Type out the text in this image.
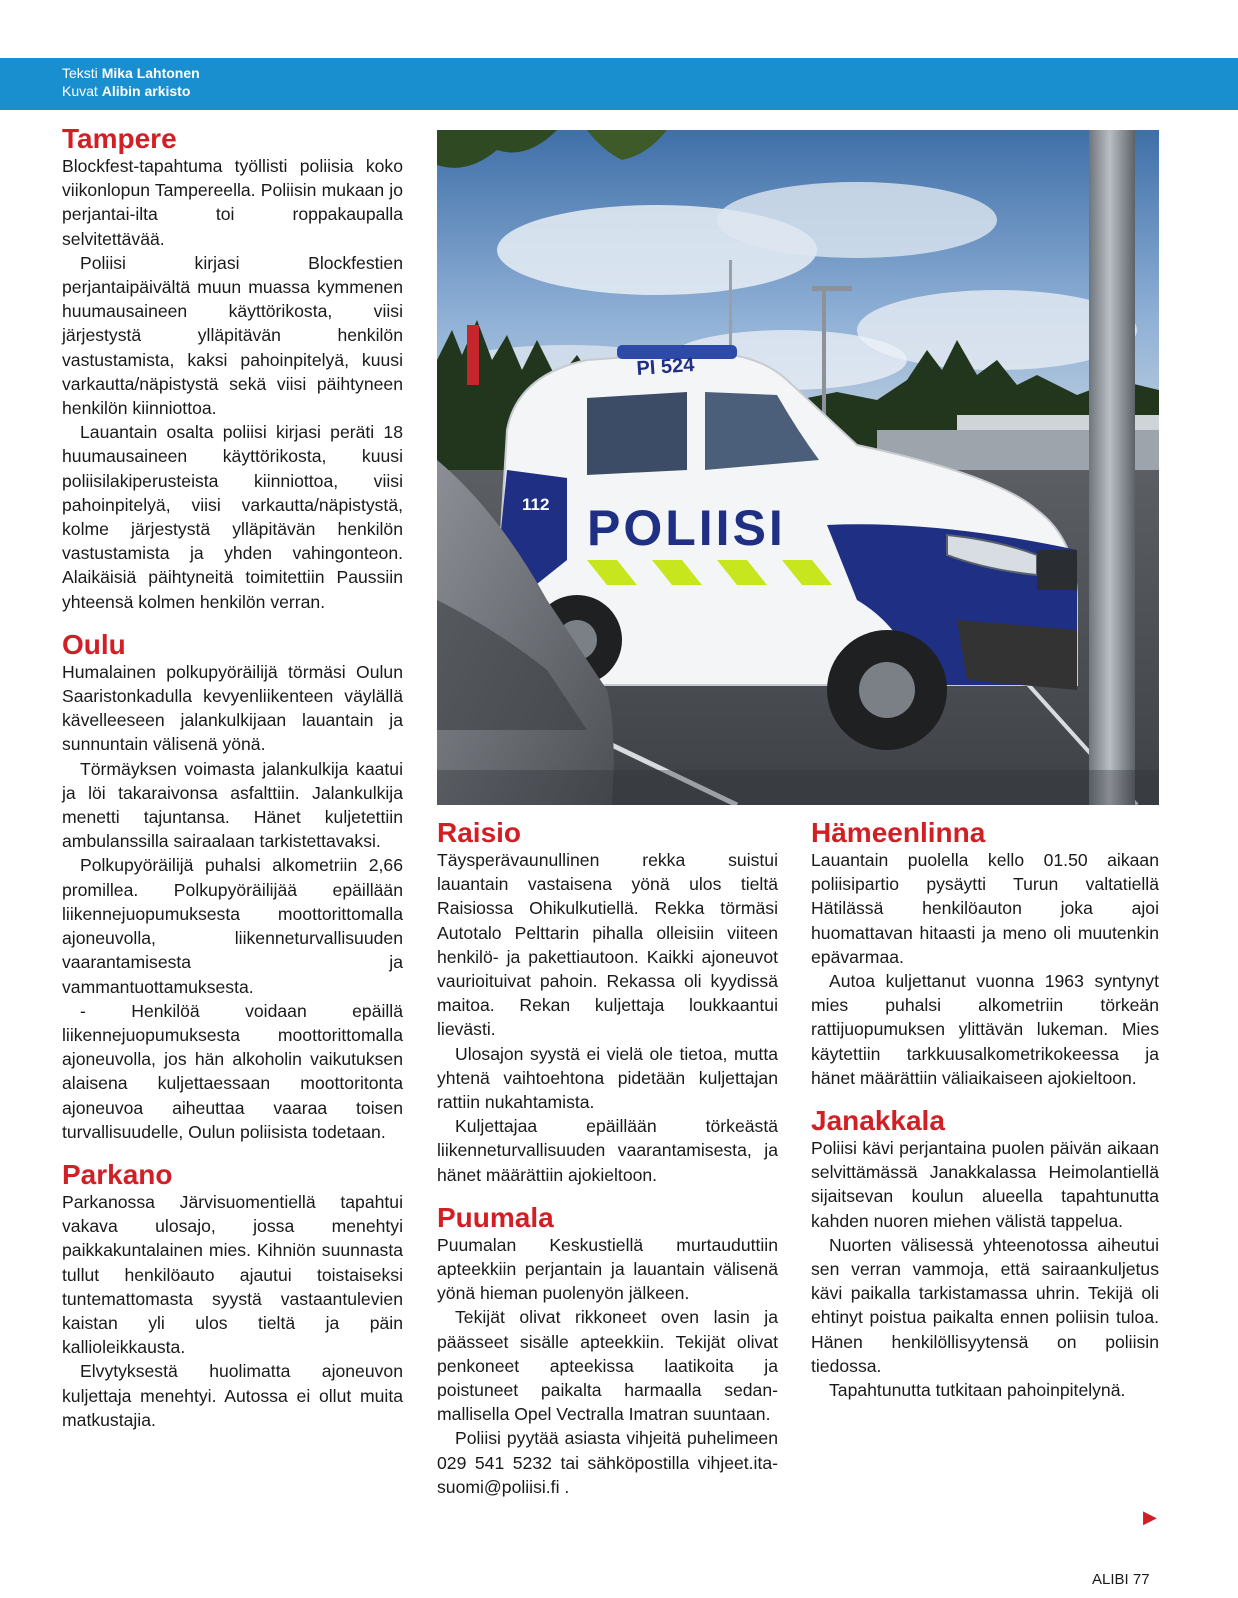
Teksti Mika Lahtonen
Kuvat Alibin arkisto
Tampere

Blockfest-tapahtuma työllisti poliisia koko viikonlopun Tampereella. Poliisin mukaan jo perjantai-ilta toi roppakaupalla selvitettävää.

Poliisi kirjasi Blockfestien perjantaipäivältä muun muassa kymmenen huumausaineen käyttörikosta, viisi järjestystä ylläpitävän henkilön vastustamista, kaksi pahoinpitelyä, kuusi varkautta/näpistystä sekä viisi päihtyneen henkilön kiinniottoa.

Lauantain osalta poliisi kirjasi peräti 18 huumausaineen käyttörikosta, kuusi poliisilakiperusteista kiinniottoa, viisi pahoinpitelyä, viisi varkautta/näpistystä, kolme järjestystä ylläpitävän henkilön vastustamista ja yhden vahingonteon. Alaikäisiä päihtyneitä toimitettiin Paussiin yhteensä kolmen henkilön verran.

Oulu

Humalainen polkupyöräilijä törmäsi Oulun Saaristonkadulla kevyenliikenteen väylällä kävelleeseen jalankulkijaan lauantain ja sunnuntain välisenä yönä.

Törmäyksen voimasta jalankulkija kaatui ja löi takaraivonsa asfalttiin. Jalankulkija menetti tajuntansa. Hänet kuljetettiin ambulanssilla sairaalaan tarkistettavaksi.

Polkupyöräilijä puhalsi alkometriin 2,66 promillea. Polkupyöräilijää epäillään liikennejuopumuksesta moottorittomalla ajoneuvolla, liikenneturvallisuuden vaarantamisesta ja vammantuottamuksesta.

- Henkilöä voidaan epäillä liikennejuopumuksesta moottorittomalla ajoneuvolla, jos hän alkoholin vaikutuksen alaisena kuljettaessaan moottoritonta ajoneuvoa aiheuttaa vaaraa toisen turvallisuudelle, Oulun poliisista todetaan.

Parkano

Parkanossa Järvisuomentiellä tapahtui vakava ulosajo, jossa menehtyi paikkakuntalainen mies. Kihniön suunnasta tullut henkilöauto ajautui toistaiseksi tuntemattomasta syystä vastaantulevien kaistan yli ulos tieltä ja päin kallioleikkausta.

Elvytyksestä huolimatta ajoneuvon kuljettaja menehtyi. Autossa ei ollut muita matkustajia.

PI 524
POLIISI
112
Raisio

Täysperävaunullinen rekka suistui lauantain vastaisena yönä ulos tieltä Raisiossa Ohikulkutiellä. Rekka törmäsi Autotalo Pelttarin pihalla olleisiin viiteen henkilö- ja pakettiautoon. Kaikki ajoneuvot vaurioituivat pahoin. Rekassa oli kyydissä maitoa. Rekan kuljettaja loukkaantui lievästi.

Ulosajon syystä ei vielä ole tietoa, mutta yhtenä vaihtoehtona pidetään kuljettajan rattiin nukahtamista.

Kuljettajaa epäillään törkeästä liikenneturvallisuuden vaarantamisesta, ja hänet määrättiin ajokieltoon.

Puumala

Puumalan Keskustiellä murtauduttiin apteekkiin perjantain ja lauantain välisenä yönä hieman puolenyön jälkeen.

Tekijät olivat rikkoneet oven lasin ja päässeet sisälle apteekkiin. Tekijät olivat penkoneet apteekissa laatikoita ja poistuneet paikalta harmaalla sedan-mallisella Opel Vectralla Imatran suuntaan.

Poliisi pyytää asiasta vihjeitä puhelimeen 029 541 5232 tai sähköpostilla vihjeet.ita-suomi@poliisi.fi .

Hämeenlinna

Lauantain puolella kello 01.50 aikaan poliisipartio pysäytti Turun valtatiellä Hätilässä henkilöauton joka ajoi huomattavan hitaasti ja meno oli muutenkin epävarmaa.

Autoa kuljettanut vuonna 1963 syntynyt mies puhalsi alkometriin törkeän rattijuopumuksen ylittävän lukeman. Mies käytettiin tarkkuusalkometrikokeessa ja hänet määrättiin väliaikaiseen ajokieltoon.

Janakkala

Poliisi kävi perjantaina puolen päivän aikaan selvittämässä Janakkalassa Heimolantiellä sijaitsevan koulun alueella tapahtunutta kahden nuoren miehen välistä tappelua.

Nuorten välisessä yhteenotossa aiheutui sen verran vammoja, että sairaankuljetus kävi paikalla tarkistamassa uhrin. Tekijä oli ehtinyt poistua paikalta ennen poliisin tuloa. Hänen henkilöllisyytensä on poliisin tiedossa.

Tapahtunutta tutkitaan pahoinpitelynä.

▶
ALIBI 77
